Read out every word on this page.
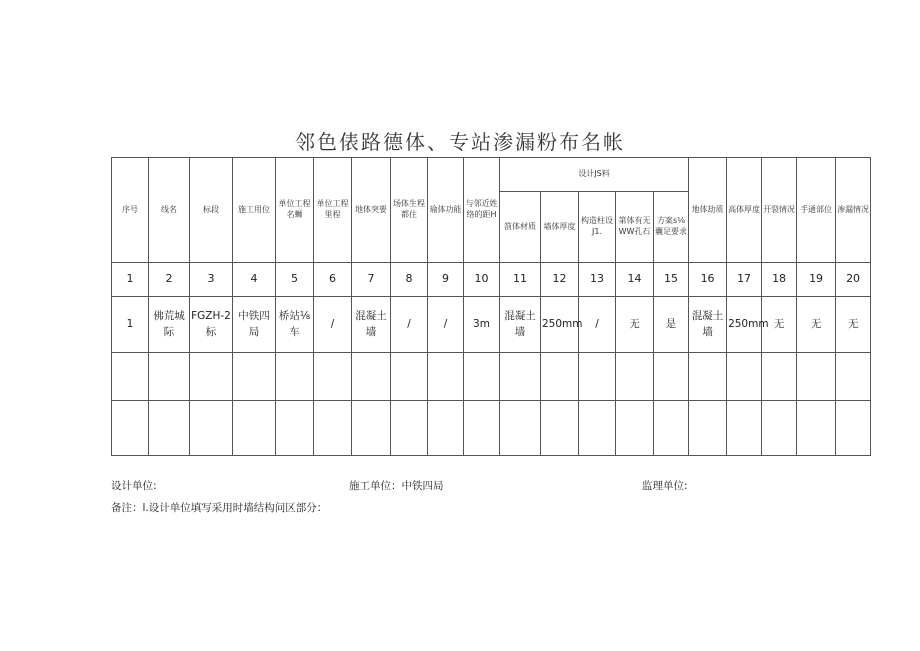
邻色俵路德体、专站渗漏粉布名帐
序号	线名	标段	施工用位	单位工程名蛳	单位工程里程	地体突要	场体生程都住	瑜体功能	与邻近姓络的距H	设计JS料					地体劫质	高体厚度	开裂情况	手通部位	渗漏情况
										箚体材质	墙体厚度	构造柱设J1.	第体有无WW孔石	方案s⅛囊足要求					
1	2	3	4	5	6	7	8	9	10	11	12	13	14	15	16	17	18	19	20
1	佛荒城际	FGZH-2标	中铁四局	桥站⅛车	/	混凝土墙	/	/	3m	混凝土墙	250mm	/	无	是	混凝土墙	250mm	无	无	无

设计单位:	施工单位：中铁四局	监理单位:
备注：l.设计单位填写采用时墙结构问区部分：
